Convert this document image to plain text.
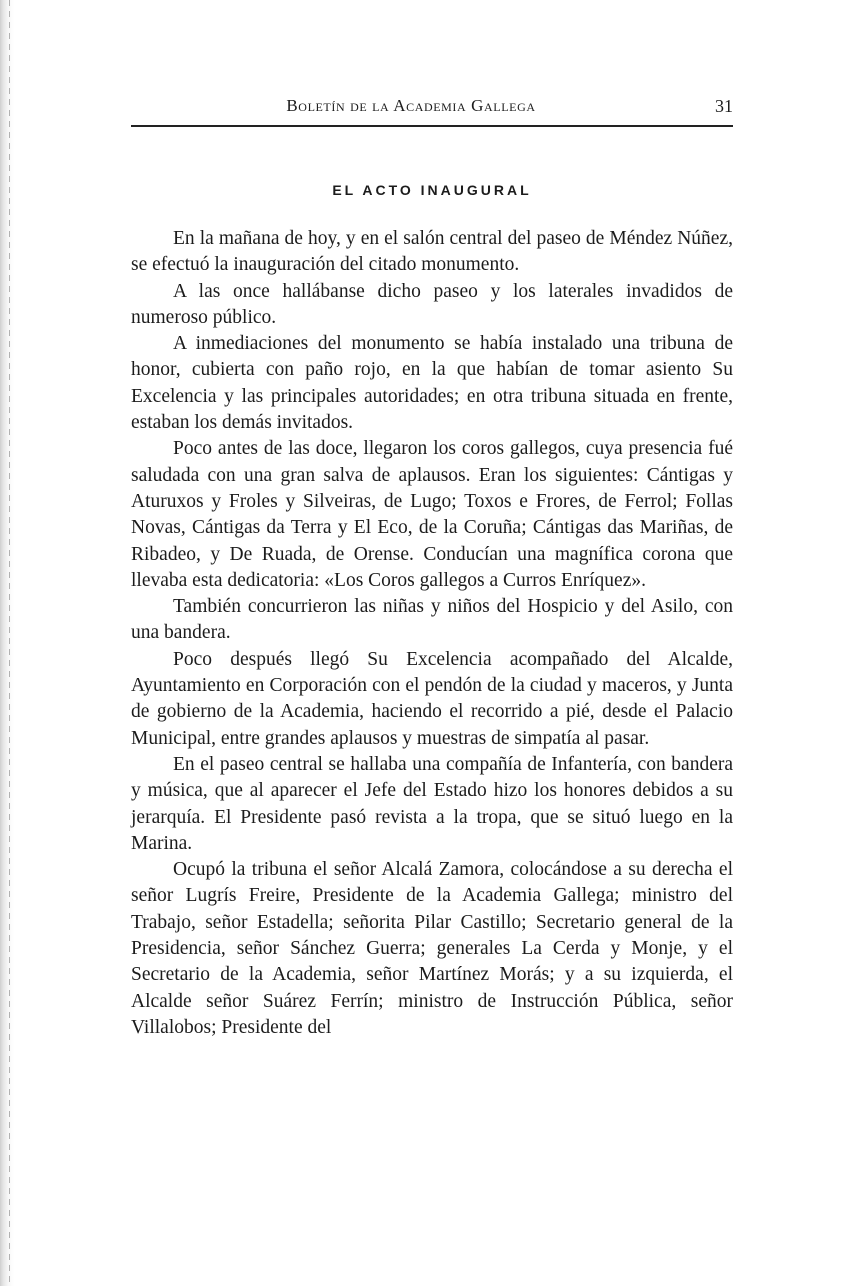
Boletín de la Academia Gallega	31
EL ACTO INAUGURAL

En la mañana de hoy, y en el salón central del paseo de Méndez Núñez, se efectuó la inauguración del citado monumento.

A las once hallábanse dicho paseo y los laterales invadidos de numeroso público.

A inmediaciones del monumento se había instalado una tribuna de honor, cubierta con paño rojo, en la que habían de tomar asiento Su Excelencia y las principales autoridades; en otra tribuna situada en frente, estaban los demás invitados.

Poco antes de las doce, llegaron los coros gallegos, cuya presencia fué saludada con una gran salva de aplausos. Eran los siguientes: Cántigas y Aturuxos y Froles y Silveiras, de Lugo; Toxos e Frores, de Ferrol; Follas Novas, Cántigas da Terra y El Eco, de la Coruña; Cántigas das Mariñas, de Ribadeo, y De Ruada, de Orense. Conducían una magnífica corona que llevaba esta dedicatoria: «Los Coros gallegos a Curros Enríquez».

También concurrieron las niñas y niños del Hospicio y del Asilo, con una bandera.

Poco después llegó Su Excelencia acompañado del Alcalde, Ayuntamiento en Corporación con el pendón de la ciudad y maceros, y Junta de gobierno de la Academia, haciendo el recorrido a pié, desde el Palacio Municipal, entre grandes aplausos y muestras de simpatía al pasar.

En el paseo central se hallaba una compañía de Infantería, con bandera y música, que al aparecer el Jefe del Estado hizo los honores debidos a su jerarquía. El Presidente pasó revista a la tropa, que se situó luego en la Marina.

Ocupó la tribuna el señor Alcalá Zamora, colocándose a su derecha el señor Lugrís Freire, Presidente de la Academia Gallega; ministro del Trabajo, señor Estadella; señorita Pilar Castillo; Secretario general de la Presidencia, señor Sánchez Guerra; generales La Cerda y Monje, y el Secretario de la Academia, señor Martínez Morás; y a su izquierda, el Alcalde señor Suárez Ferrín; ministro de Instrucción Pública, señor Villalobos; Presidente del
